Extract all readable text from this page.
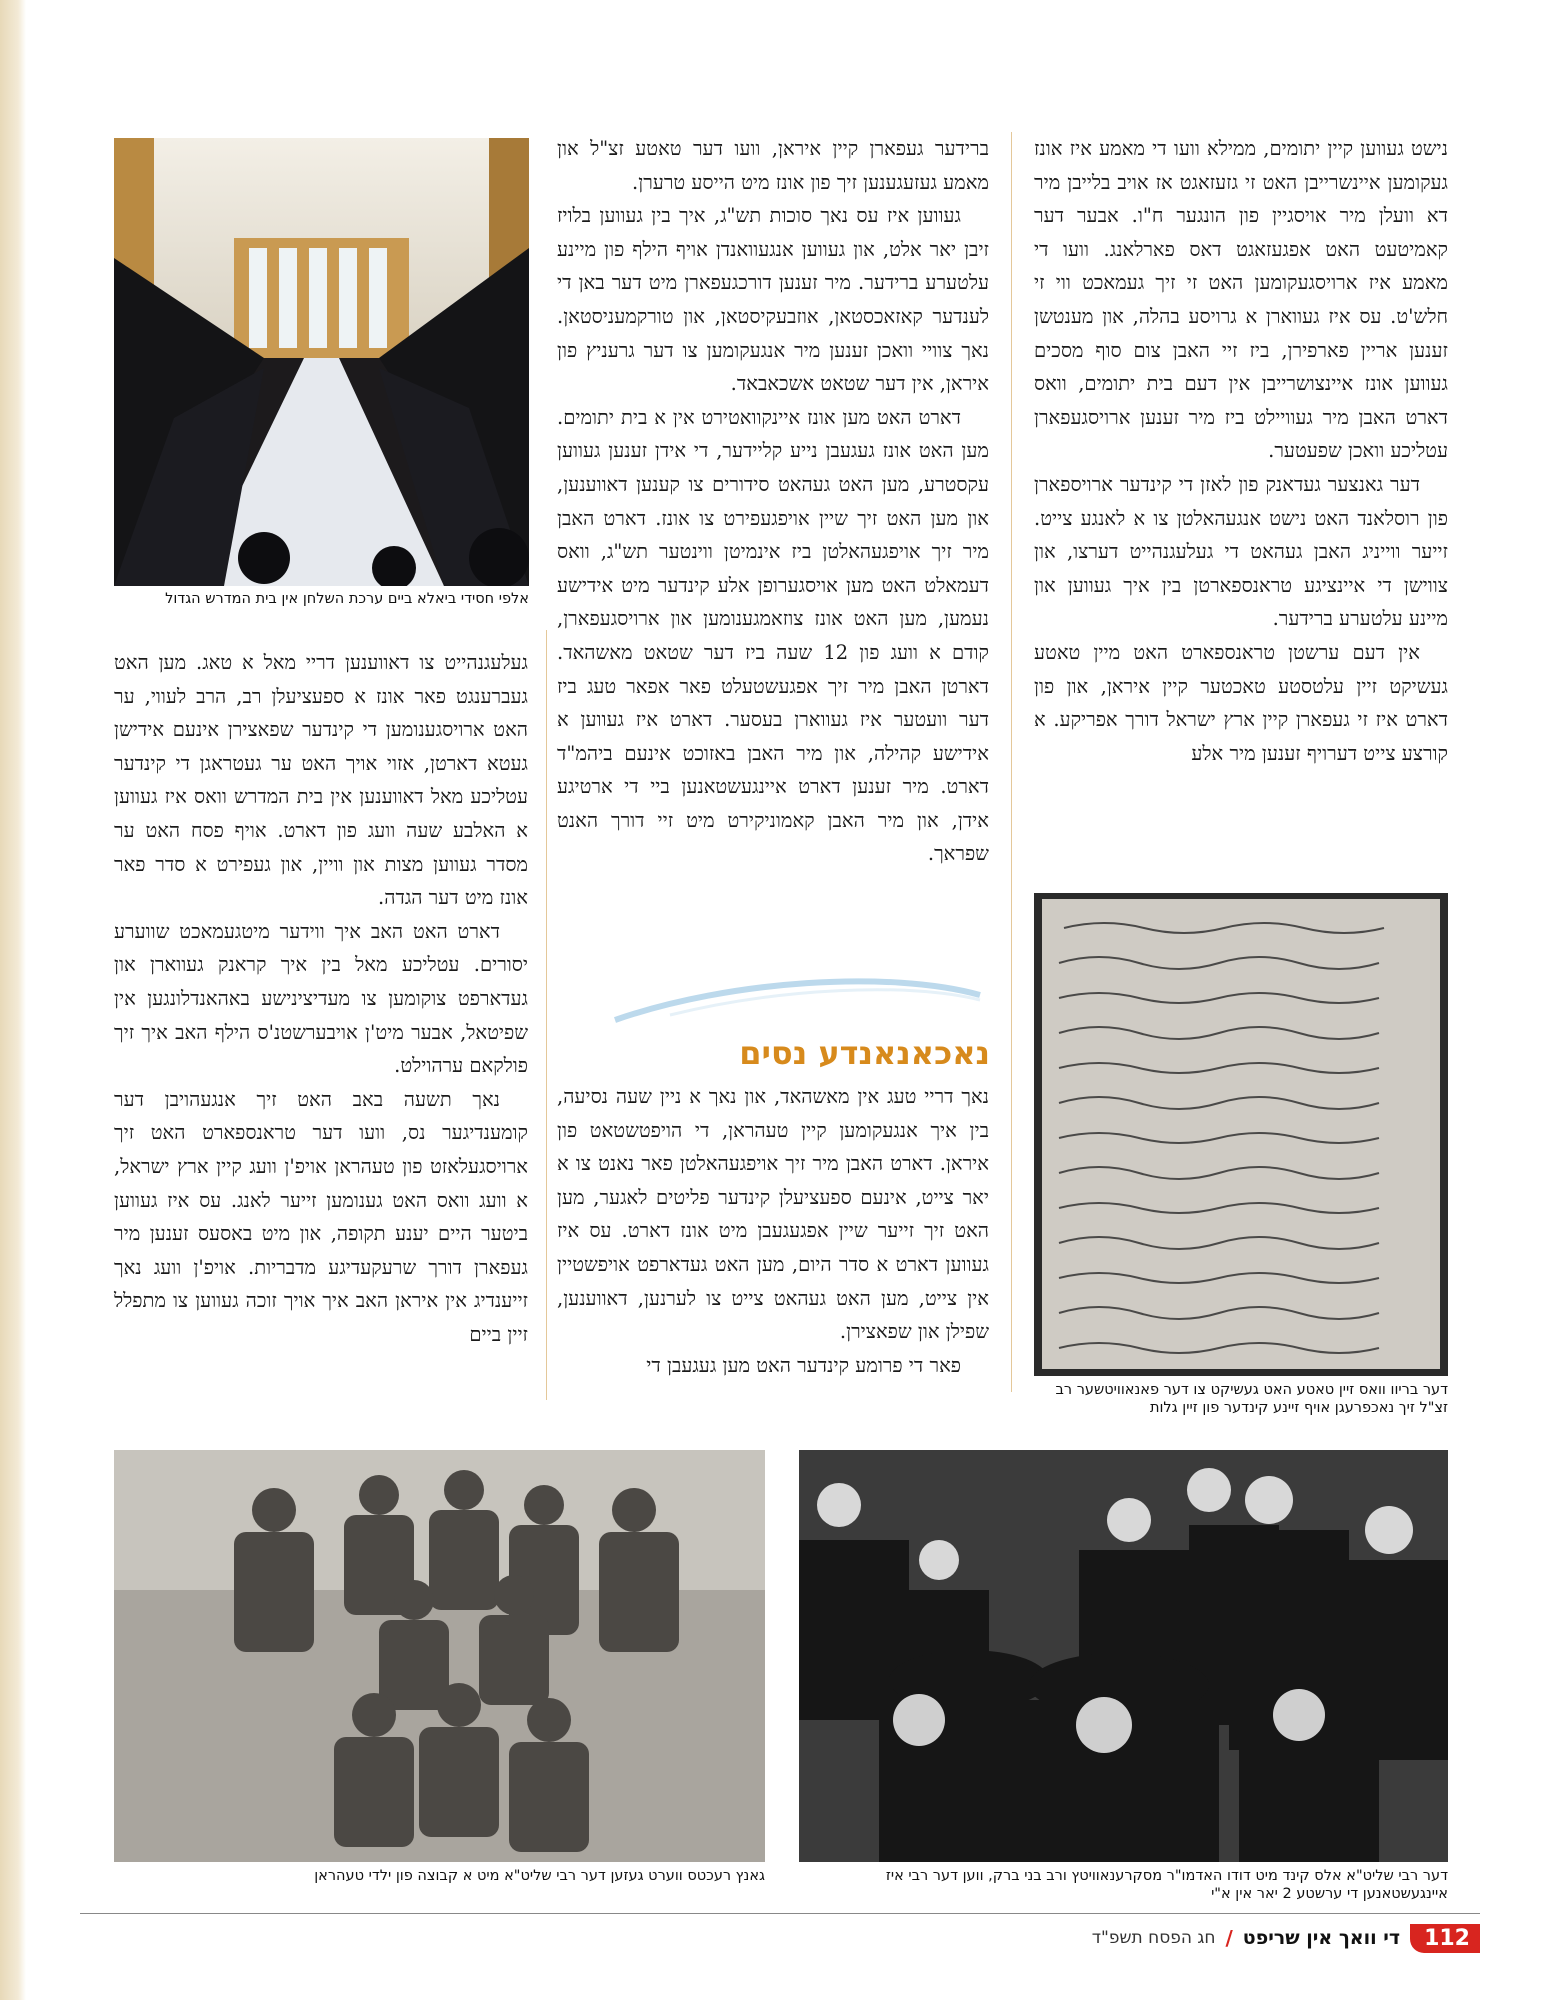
אלפי חסידי ביאלא ביים ערכת השלחן אין בית המדרש הגדול

נישט געווען קיין יתומים, ממילא וועו די מאמע איז אונז געקומען איינשרייבן האט זי גזעזאגט אז אויב בלייבן מיר דא וועלן מיר אויסגיין פון הונגער ח"ו. אבער דער קאמיטעט האט אפגעזאגט דאס פארלאנג. וועו די מאמע איז ארויסגעקומען האט זי זיך געמאכט ווי זי חלש'ט. עס איז געווארן א גרויסע בהלה, און מענטשן זענען אריין פארפירן, ביז זיי האבן צום סוף מסכים געווען אונז איינצושרייבן אין דעם בית יתומים, וואס דארט האבן מיר געוויילט ביז מיר זענען ארויסגעפארן עטליכע וואכן שפעטער.

דער גאנצער געדאנק פון לאזן די קינדער ארויספארן פון רוסלאנד האט נישט אנגעהאלטן צו א לאנגע צייט. זייער ווייניג האבן געהאט די געלעגנהייט דערצו, און צווישן די איינציגע טראנספארטן בין איך געווען און מיינע עלטערע ברידער.

אין דעם ערשטן טראנספארט האט מיין טאטע געשיקט זיין עלטסטע טאכטער קיין איראן, און פון דארט איז זי געפארן קיין ארץ ישראל דורך אפריקע. א קורצע צייט דערויף זענען מיר אלע

ברידער געפארן קיין איראן, וועו דער טאטע זצ"ל און מאמע געזעגענען זיך פון אונז מיט הייסע טרערן.

געווען איז עס נאך סוכות תש"ג, איך בין געווען בלויז זיבן יאר אלט, און געווען אנגעוואנדן אויף הילף פון מיינע עלטערע ברידער. מיר זענען דורכגעפארן מיט דער באן די לענדער קאזאכסטאן, אוזבעקיסטאן, און טורקמעניסטאן. נאך צוויי וואכן זענען מיר אנגעקומען צו דער גרעניץ פון איראן, אין דער שטאט אשכאבאד.

דארט האט מען אונז איינקוואטירט אין א בית יתומים. מען האט אונז געגעבן נייע קליידער, די אידן זענען געווען עקסטרע, מען האט געהאט סידורים צו קענען דאווענען, און מען האט זיך שיין אויפגעפירט צו אונז. דארט האבן מיר זיך אויפגעהאלטן ביז אינמיטן ווינטער תש"ג, וואס דעמאלט האט מען אויסגערופן אלע קינדער מיט אידישע נעמען, מען האט אונז צוזאמגענומען און ארויסגעפארן, קודם א וועג פון 12 שעה ביז דער שטאט מאשהאד. דארטן האבן מיר זיך אפגעשטעלט פאר אפאר טעג ביז דער וועטער איז געווארן בעסער. דארט איז געווען א אידישע קהילה, און מיר האבן באזוכט אינעם ביהמ"ד דארט. מיר זענען דארט איינגעשטאנען ביי די ארטיגע אידן, און מיר האבן קאמוניקירט מיט זיי דורך האנט שפראך.

נאכאנאנדע נסים

נאך דריי טעג אין מאשהאד, און נאך א ניין שעה נסיעה, בין איך אנגעקומען קיין טעהראן, די הויפטשטאט פון איראן. דארט האבן מיר זיך אויפגעהאלטן פאר נאנט צו א יאר צייט, אינעם ספעציעלן קינדער פליטים לאגער, מען האט זיך זייער שיין אפגעגעבן מיט אונז דארט. עס איז געווען דארט א סדר היום, מען האט געדארפט אויפשטיין אין צייט, מען האט געהאט צייט צו לערנען, דאווענען, שפילן און שפאצירן.

פאר די פרומע קינדער האט מען געגעבן די

געלעגנהייט צו דאווענען דריי מאל א טאג. מען האט געברענגט פאר אונז א ספעציעלן רב, הרב לעווי, ער האט ארויסגענומען די קינדער שפאצירן אינעם אידישן געטא דארטן, אזוי אויך האט ער געטראגן די קינדער עטליכע מאל דאווענען אין בית המדרש וואס איז געווען א האלבע שעה וועג פון דארט. אויף פסח האט ער מסדר געווען מצות און וויין, און געפירט א סדר פאר אונז מיט דער הגדה.

דארט האט האב איך ווידער מיטגעמאכט שווערע יסורים. עטליכע מאל בין איך קראנק געווארן און געדארפט צוקומען צו מעדיצינישע באהאנדלונגען אין שפיטאל, אבער מיט'ן אויבערשטנ'ס הילף האב איך זיך פולקאם ערהוילט.

נאך תשעה באב האט זיך אנגעהויבן דער קומענדיגער נס, וועו דער טראנספארט האט זיך ארויסגעלאזט פון טעהראן אויפ'ן וועג קיין ארץ ישראל, א וועג וואס האט גענומען זייער לאנג. עס איז געווען ביטער היים יענע תקופה, און מיט באסעס זענען מיר געפארן דורך שרעקעדיגע מדבריות. אויפ'ן וועג נאך זייענדיג אין איראן האב איך אויך זוכה געווען צו מתפלל זיין ביים

דער בריוו וואס זיין טאטע האט געשיקט צו דער פאנאוויטשער רב זצ"ל זיך נאכפרעגן אויף זיינע קינדער פון זיין גלות
גאנץ רעכטס ווערט געזען דער רבי שליט"א מיט א קבוצה פון ילדי טעהראן	דער רבי שליט"א אלס קינד מיט דודו האדמו"ר מסקרענאוויטץ ורב בני ברק, ווען דער רבי איז איינגעשטאנען די ערשטע 2 יאר אין א"י
112
די וואך אין שריפט
/
חג הפסח תשפ"ד
